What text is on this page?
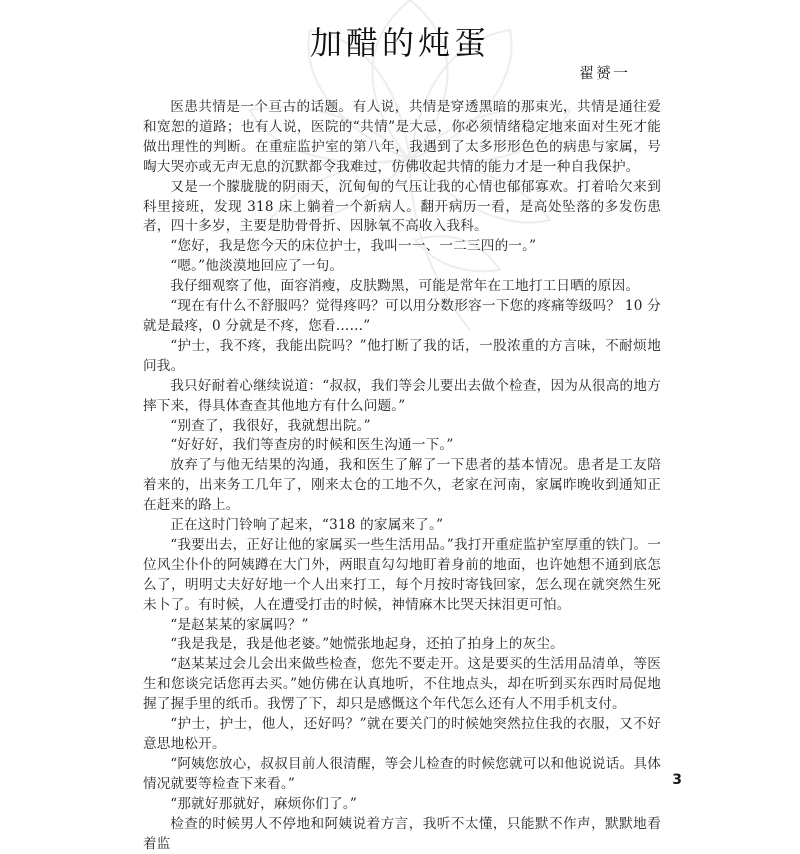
加醋的炖蛋
翟赟一

医患共情是一个亘古的话题。有人说，共情是穿透黑暗的那束光，共情是通往爱和宽恕的道路；也有人说，医院的“共情”是大忌，你必须情绪稳定地来面对生死才能做出理性的判断。在重症监护室的第八年，我遇到了太多形形色色的病患与家属，号啕大哭亦或无声无息的沉默都令我难过，仿佛收起共情的能力才是一种自我保护。

又是一个朦胧胧的阴雨天，沉甸甸的气压让我的心情也郁郁寡欢。打着哈欠来到科里接班，发现 318 床上躺着一个新病人。翻开病历一看，是高处坠落的多发伤患者，四十多岁，主要是肋骨骨折、因脉氧不高收入我科。

“您好，我是您今天的床位护士，我叫一一、一二三四的一。”

“嗯。”他淡漠地回应了一句。

我仔细观察了他，面容消瘦，皮肤黝黑，可能是常年在工地打工日晒的原因。

“现在有什么不舒服吗？觉得疼吗？可以用分数形容一下您的疼痛等级吗？ 10 分就是最疼，0 分就是不疼，您看……”

“护士，我不疼，我能出院吗？”他打断了我的话，一股浓重的方言味，不耐烦地问我。

我只好耐着心继续说道：“叔叔，我们等会儿要出去做个检查，因为从很高的地方摔下来，得具体查查其他地方有什么问题。”

“别查了，我很好，我就想出院。”

“好好好，我们等查房的时候和医生沟通一下。”

放弃了与他无结果的沟通，我和医生了解了一下患者的基本情况。患者是工友陪着来的，出来务工几年了，刚来太仓的工地不久，老家在河南，家属昨晚收到通知正在赶来的路上。

正在这时门铃响了起来，“318 的家属来了。”

“我要出去，正好让他的家属买一些生活用品。”我打开重症监护室厚重的铁门。一位风尘仆仆的阿姨蹲在大门外，两眼直勾勾地盯着身前的地面，也许她想不通到底怎么了，明明丈夫好好地一个人出来打工，每个月按时寄钱回家，怎么现在就突然生死未卜了。有时候，人在遭受打击的时候，神情麻木比哭天抹泪更可怕。

“是赵某某的家属吗？”

“我是我是，我是他老婆。”她慌张地起身，还拍了拍身上的灰尘。

“赵某某过会儿会出来做些检查，您先不要走开。这是要买的生活用品清单，等医生和您谈完话您再去买。”她仿佛在认真地听，不住地点头，却在听到买东西时局促地握了握手里的纸币。我愣了下，却只是感慨这个年代怎么还有人不用手机支付。

“护士，护士，他人，还好吗？”就在要关门的时候她突然拉住我的衣服，又不好意思地松开。

“阿姨您放心，叔叔目前人很清醒，等会儿检查的时候您就可以和他说说话。具体情况就要等检查下来看。”

“那就好那就好，麻烦你们了。”

检查的时候男人不停地和阿姨说着方言，我听不太懂，只能默不作声，默默地看着监

3
